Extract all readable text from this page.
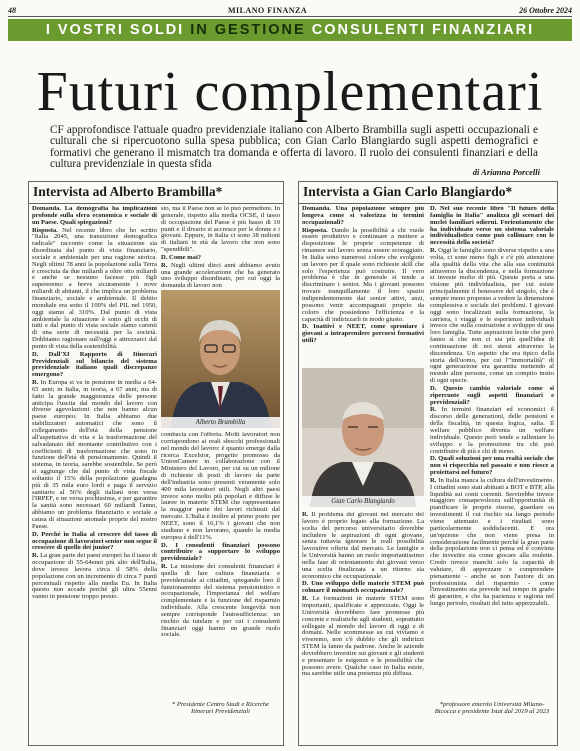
48	MILANO FINANZA	26 Ottobre 2024
I VOSTRI SOLDI IN GESTIONE CONSULENTI FINANZIARI
Futuri complementari
CF approfondisce l'attuale quadro previdenziale italiano con Alberto Brambilla sugli aspetti occupazionali e culturali che si ripercuotono sulla spesa pubblica; con Gian Carlo Blangiardo sugli aspetti demografici e formativi che generano il mismatch tra domanda e offerta di lavoro. Il ruolo dei consulenti finanziari e della cultura previdenziale in questa sfida
di Arianna Porcelli
Intervista ad Alberto Brambilla*

Domanda. La demografia ha implicazioni profonde sulla sfera economica e sociale di un Paese. Quali spiegazioni?

Risposta. Nel recente libro che ho scritto "Italia 2045, una transizione demografica radicale" racconto come la situazione sia disordinata dal punto di vista finanziario, sociale e ambientale per una ragione storica. Negli ultimi 78 anni la popolazione sulla Terra è cresciuta da due miliardi a oltre otto miliardi e anche se nessuno facesse più figli supereremo a breve sicuramente i nove miliardi di abitanti, il che implica un problema finanziario, sociale e ambientale. Il debito mondiale era sotto il 100% del PIL nel 1950, oggi siamo al 310%. Dal punto di vista ambientale la situazione è sotto gli occhi di tutti e dal punto di vista sociale siamo carenti di una serie di necessità per la società. Dobbiamo ragionare sull'oggi e attrezzarci dal punto di vista della sostenibilità.

D. Dall'XI Rapporto di Itinerari Previdenziali sul bilancio del sistema previdenziale italiano quali discrepanze emergono?

R. In Europa si va in pensione in media a 64-65 anni; in Italia, in teoria, a 67 anni, ma di fatto la grande maggioranza delle persone anticipa l'uscita dal mondo del lavoro con diverse agevolazioni che non hanno alcun paese europeo. In Italia abbiamo due stabilizzatori automatici che sono il collegamento dell'età della pensione all'aspettativa di vita e la trasformazione del salvadanaio del montante contributivo con i coefficienti di trasformazione che sono in funzione dell'età di pensionamento. Quindi il sistema, in teoria, sarebbe sostenibile. Se però si aggiunge che dal punto di vista fiscale soltanto il 15% della popolazione guadagna più di 35 mila euro lordi e paga il servizio sanitario al 56% degli italiani non versa l'IRPEF, e ne versa pochissima, e per garantire la sanità sono necessari 60 miliardi l'anno, abbiamo un problema finanziario e sociale a causa di situazioni anomale proprie del nostro Paese.

D. Perché in Italia al crescere del tasso di occupazione di lavoratori senior non segue il crescere di quello dei junior?

R. La gran parte dei paesi europei ha il tasso di occupazione di 55-64enni più alto dell'Italia, dove invece lavora circa il 58% della popolazione con un incremento di circa 7 punti percentuali rispetto alla media Eu. In Italia questo non accade perché gli ultra 55enni vanno in pensione troppo presto.

sto, ma il Paese non se lo può permettere. In generale, rispetto alla media OCSE, il tasso di occupazione del Paese è più basso di 10 punti e il divario si accresce per le donne e i giovani. Eppure, in Italia ci sono 38 milioni di italiani in età da lavoro che non sono "spendibili".

D. Come mai?

R. Negli ultimi dieci anni abbiamo avuto una grande accelerazione che ha generato uno sviluppo disordinato, per cui oggi la domanda di lavoro non

Alberto Brambilla

combacia con l'offerta. Molti lavoratori non corrispondono ai reali sbocchi professionali nel mondo del lavoro: è quanto emerge dalla ricerca Excelsior, progetto promosso da UnionCamere in collaborazione con il Ministero del Lavoro, per cui su un milione di richieste di posti di lavoro da parte dell'industria sono presenti veramente solo 400 mila lavoratori utili. Negli altri paesi invece sono molto più popolari e diffuse le lauree in materie STEM che rappresentano la maggior parte dei lavori richiesti dal mercato. L'Italia è inoltre al primo posto per NEET, sono il 16,1% i giovani che non studiano e non lavorano, quando la media europea è dell'11%.

D. I consulenti finanziari possono contribuire a supportare lo sviluppo previdenziale?

R. La missione dei consulenti finanziari è quella di fare cultura finanziaria e previdenziale ai cittadini, spiegando loro il funzionamento del sistema pensionistico e occupazionale, l'importanza del welfare complementare e la funzione del risparmio individuale. Alla crescente longevità non sempre corrisponde l'autosufficienza: un rischio da tutelare e per cui i consulenti finanziari oggi hanno un grande ruolo sociale.

* Presidente Centro Studi e Ricerche Itinerari Previdenziali
Intervista a Gian Carlo Blangiardo*

Domanda. Una popolazione sempre più longeva come si valorizza in termini occupazionali?

Risposta. Dando la possibilità a chi vuole essere produttivo e continuare a mettere a disposizione le proprie competenze di rimanere sul lavoro senza essere scoraggiato. In Italia sono numerosi coloro che svolgono un lavoro per il quale sono richieste skill che solo l'esperienza può costruire. Il vero problema è che in generale si tende a discriminare i senior. Ma i giovani possono trovare tranquillamente il loro spazio indipendentemente dai senior attivi, anzi, possono venir accompagnati proprio da coloro che possiedono l'efficienza e la capacità di indirizzarli in modo giusto.

D. Inattivi e NEET, come sproniare i giovani a intraprendere percorsi formativi utili?

Gian Carlo Blangiardo

R. Il problema dei giovani nel mercato del lavoro è proprio legato alla formazione. La scelta del percorso universitario dovrebbe includere le aspirazioni di ogni giovane, senza tuttavia ignorare le reali possibilità lavorative offerte dal mercato. Le famiglie e le Università hanno un ruolo importantissimo nella fase di orientamento dei giovani verso una scelta finalizzata a un ritorno sia economico che occupazionale.

D. Uno sviluppo delle materie STEM può colmare il mismatch occupazionale?

R. Le formazioni in materie STEM sono importanti, qualificate e apprezzate. Oggi le Università dovrebbero fare promesse più concrete e realistiche agli studenti, soprattutto sollegate al mondo del lavoro di oggi e di domani. Nelle scommesse su cui viviamo e viveremo, non c'è dubbio che gli indirizzi STEM la fanno da padrone. Anche le aziende dovrebbero investire sui giovani e gli studenti e presentare le esigenze e le possibilità che possono avere. Qualche caso in Italia esiste, ma sarebbe utile una presenza più diffusa.

D. Nel suo recente libro "Il futuro della famiglia in Italia" analizza gli scenari dei nuclei familiari odierni. Forientamento che ha individuato verso un sistema valoriale individualistico come può collimare con le necessità della società?

R. Oggi le famiglie sono diverse rispetto a una volta, ci sono meno figli e c'è più attenzione alla qualità della vita che alla sua continuità attraverso la discendenza, e nella formazione si investe molto di più. Queste porta a una visione più individualista, per cui esiste principalmente il benessere del singolo, che è sempre meno propenso a vedere la dimensione complessiva e sociale dei problemi. I giovani oggi sono focalizzati sulla formazione, la carriera, i viaggi e le esperienze individuali invece che sulla costruzione e sviluppo di una loro famiglia. Tutte aspirazioni lecite che però fanno sì che non ci sia più quell'idea di continuazione di noi stessi attraverso la discendenza. Un aspetto che era tipico della storia dell'uomo, per cui l'"immortalità" di ogni generazione era garantita mettendo al mondo altre persone, come un compito insito di ogni specie.

D. Questo cambio valoriale come si ripercuote sugli aspetti finanziari e previdenziali?

R. In termini finanziari ed economici il discorso delle generazioni, delle pensioni e della fiscalità, in questa logica, salta. Il welfare pubblico diventa un welfare individuale. Questo però tende a rallentare lo sviluppo e la promozione tra chi può contribuire di più e chi di meno.

D. Quali soluzioni per una realtà sociale che non si rispecchia nel passato e non riesce a proiettarsi nel futuro?

R. In Italia manca la cultura dell'investimento. I cittadini sono stati abituati a BOT e BTP, alla liquidità sui conti correnti. Servirebbe invece maggiore consapevolezza sull'opportunità di pianificare le proprie risorse, guardare su investimenti il cui rischio sia lungo periodo viene attenuato e i risultati sono particolarmente soddisfacenti. E ora un'opzione che non viene presa in considerazione facilmente perché la gran parte della popolazione non ci pensa ed è convinta che investire sia come giocare alla roulette. Credo invece manchi solo la capacità di valutare, di apprezzare e comprendere pienamente - anche se non l'autore di un professionista del risparmio - come l'investimento sia prevede nel tempo in grado di garantire, e che ha pazienza e ragiona nel lungo periodo, risultati del tutto apprezzabili.

*professore emerito Università Milano-Bicocca e presidente Istat dal 2019 al 2023
